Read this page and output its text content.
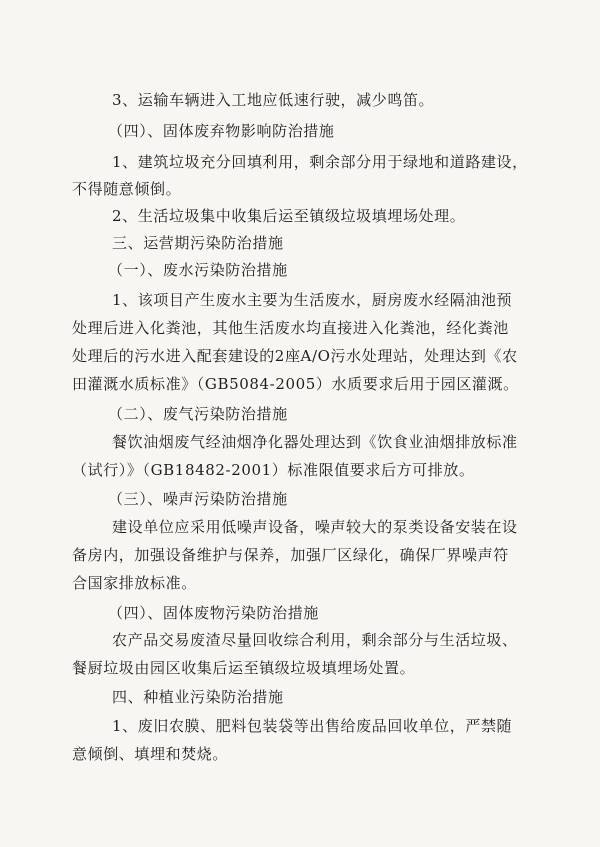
3、运输车辆进入工地应低速行驶，减少鸣笛。
（四）、固体废弃物影响防治措施
1、建筑垃圾充分回填利用，剩余部分用于绿地和道路建设，
不得随意倾倒。
2、生活垃圾集中收集后运至镇级垃圾填埋场处理。
三、运营期污染防治措施
（一）、废水污染防治措施
1、该项目产生废水主要为生活废水，厨房废水经隔油池预
处理后进入化粪池，其他生活废水均直接进入化粪池，经化粪池
处理后的污水进入配套建设的2座A/O污水处理站，处理达到《农
田灌溉水质标准》（GB5084-2005）水质要求后用于园区灌溉。
（二）、废气污染防治措施
餐饮油烟废气经油烟净化器处理达到《饮食业油烟排放标准
（试行）》（GB18482-2001）标准限值要求后方可排放。
（三）、噪声污染防治措施
建设单位应采用低噪声设备，噪声较大的泵类设备安装在设
备房内，加强设备维护与保养，加强厂区绿化，确保厂界噪声符
合国家排放标准。
（四）、固体废物污染防治措施
农产品交易废渣尽量回收综合利用，剩余部分与生活垃圾、
餐厨垃圾由园区收集后运至镇级垃圾填埋场处置。
四、种植业污染防治措施
1、废旧农膜、肥料包装袋等出售给废品回收单位，严禁随
意倾倒、填埋和焚烧。
